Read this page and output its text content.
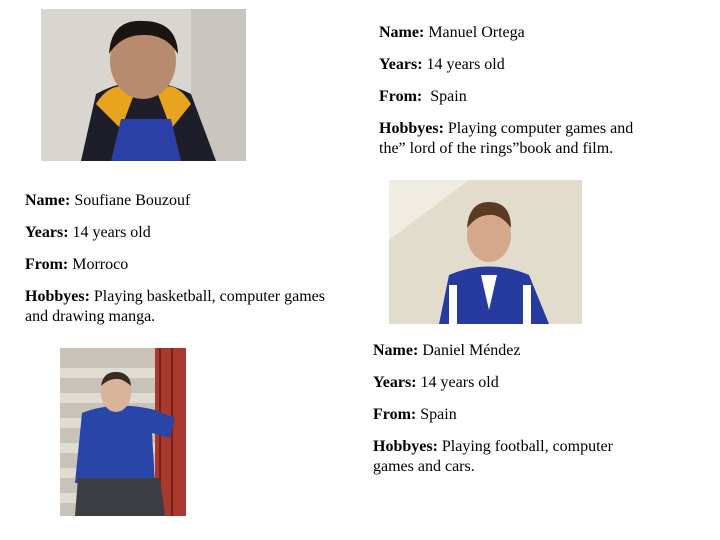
Name: Manuel Ortega

Years: 14 years old

From:  Spain

Hobbyes: Playing computer games and the” lord of the rings”book and film.

Name: Soufiane Bouzouf

Years: 14 years old

From: Morroco

Hobbyes: Playing basketball, computer games and drawing manga.

Name: Daniel Méndez

Years: 14 years old

From: Spain

Hobbyes: Playing football, computer games and cars.
